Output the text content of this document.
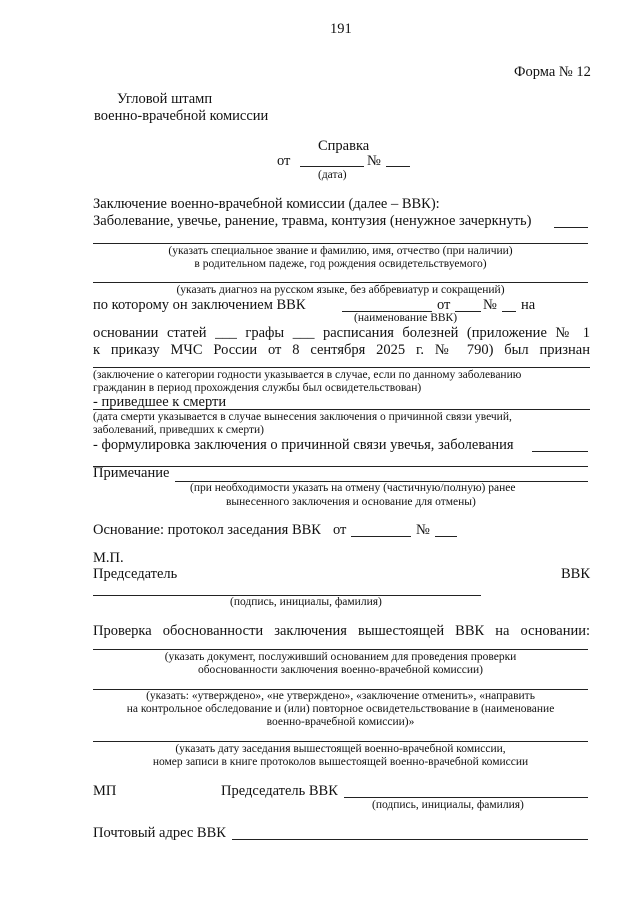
191
Форма № 12
Угловой штамп
военно-врачебной комиссии
Справка
от	№
(дата)
Заключение военно-врачебной комиссии (далее – ВВК):
Заболевание, увечье, ранение, травма, контузия (ненужное зачеркнуть)
(указать специальное звание и фамилию, имя, отчество (при наличии)
в родительном падеже, год рождения освидетельствуемого)
(указать диагноз на русском языке, без аббревиатур и сокращений)
по которому он заключением ВВК	от № на
(наименование ВВК)
основании статей ___ графы ___ расписания болезней (приложение № 1
к приказу МЧС России от 8 сентября 2025 г. № 790) был признан
(заключение о категории годности указывается в случае, если по данному заболеванию
гражданин в период прохождения службы был освидетельствован)
- приведшее к смерти
(дата смерти указывается в случае вынесения заключения о причинной связи увечий,
заболеваний, приведших к смерти)
- формулировка заключения о причинной связи увечья, заболевания
Примечание
(при необходимости указать на отмену (частичную/полную) ранее
вынесенного заключения и основание для отмены)
Основание: протокол заседания ВВК от	№
М.П.
Председатель	ВВК
(подпись, инициалы, фамилия)
Проверка обоснованности заключения вышестоящей ВВК на основании:
(указать документ, послуживший основанием для проведения проверки
обоснованности заключения военно-врачебной комиссии)
(указать: «утверждено», «не утверждено», «заключение отменить», «направить
на контрольное обследование и (или) повторное освидетельствование в (наименование
военно-врачебной комиссии)»
(указать дату заседания вышестоящей военно-врачебной комиссии,
номер записи в книге протоколов вышестоящей военно-врачебной комиссии
МП	Председатель ВВК
(подпись, инициалы, фамилия)
Почтовый адрес ВВК
